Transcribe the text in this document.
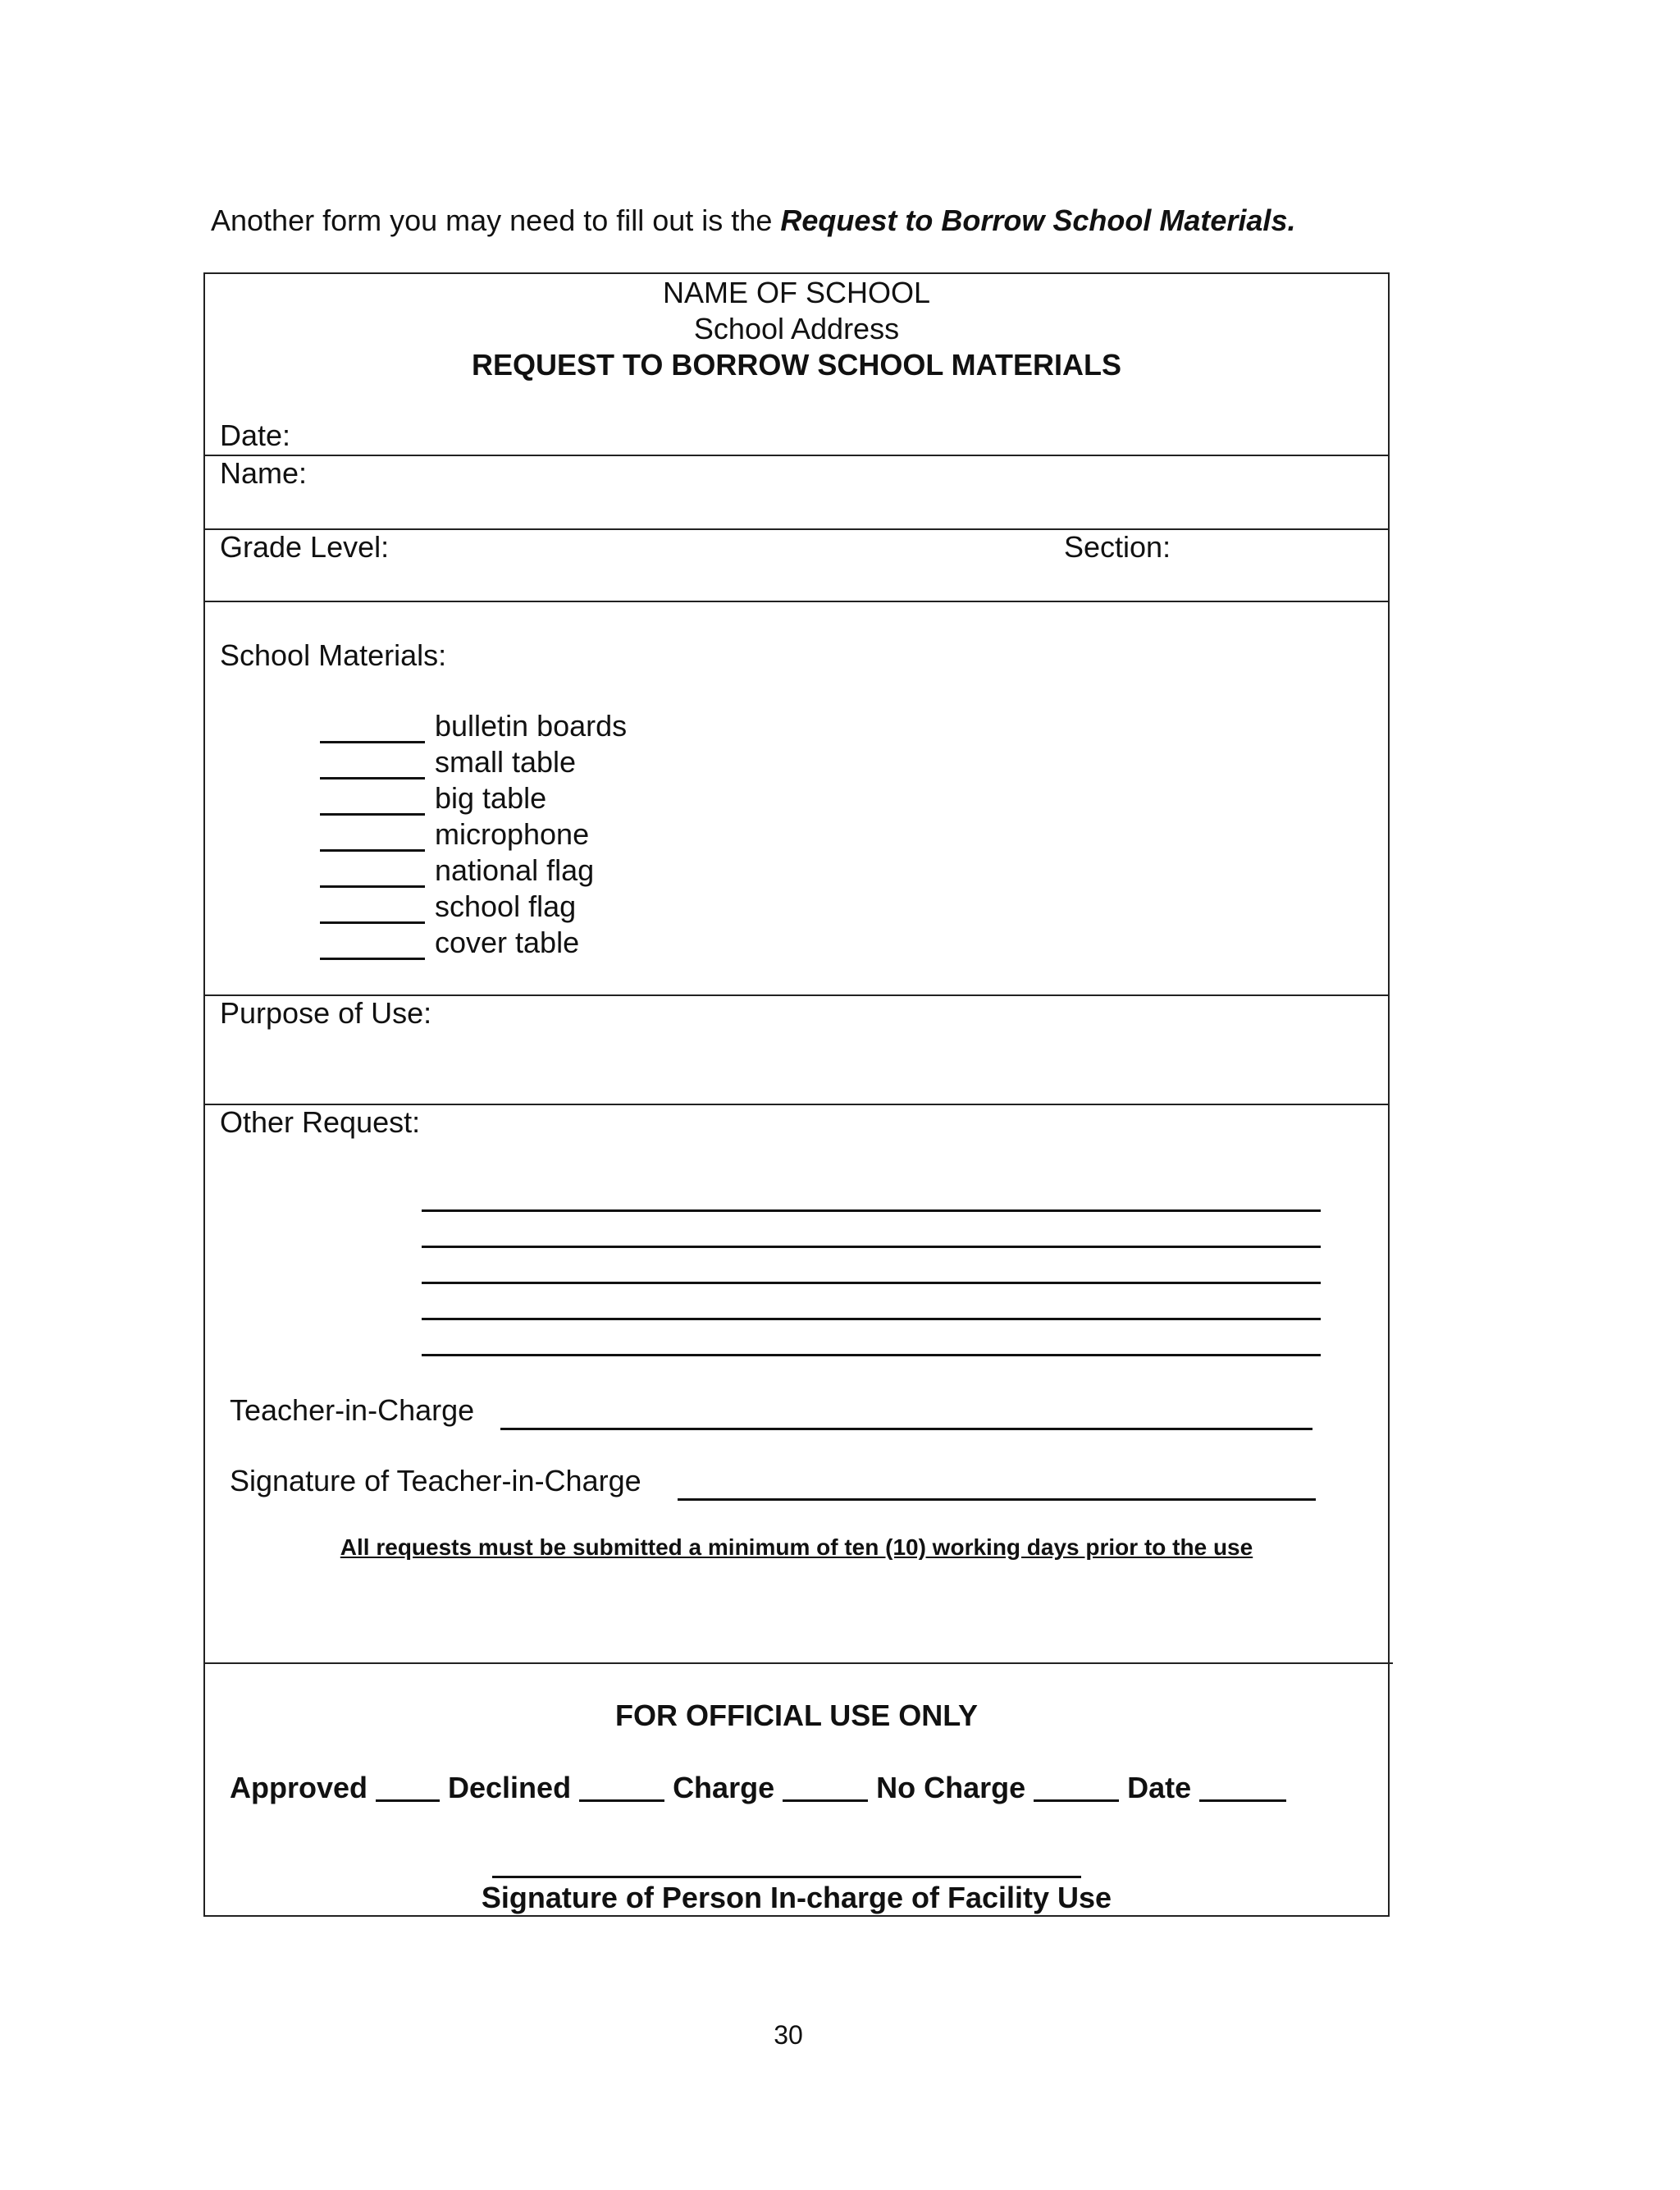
Another form you may need to fill out is the Request to Borrow School Materials.
NAME OF SCHOOL
School Address
REQUEST TO BORROW SCHOOL MATERIALS
Date:
Name:
Grade Level:	Section:
School Materials:
bulletin boards
small table
big table
microphone
national flag
school flag
cover table
Purpose of Use:
Other Request:
Teacher-in-Charge
Signature of Teacher-in-Charge
All requests must be submitted a minimum of ten (10) working days prior to the use
FOR OFFICIAL USE ONLY
Approved	Declined	Charge	No Charge	Date
Signature of Person In-charge of Facility Use
30
